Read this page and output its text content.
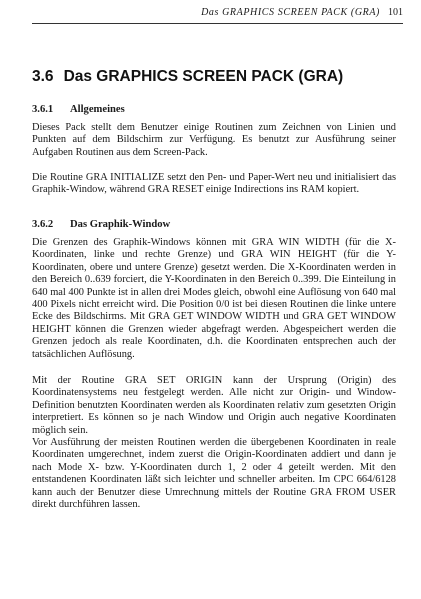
Das GRAPHICS SCREEN PACK (GRA) 101
3.6 Das GRAPHICS SCREEN PACK (GRA)
3.6.1 Allgemeines

Dieses Pack stellt dem Benutzer einige Routinen zum Zeichnen von Linien und Punkten auf dem Bildschirm zur Verfügung. Es benutzt zur Ausführung seiner Aufgaben Routinen aus dem Screen-Pack.

Die Routine GRA INITIALIZE setzt den Pen- und Paper-Wert neu und initialisiert das Graphik-Window, während GRA RESET einige Indirections ins RAM kopiert.

3.6.2 Das Graphik-Window

Die Grenzen des Graphik-Windows können mit GRA WIN WIDTH (für die X-Koordinaten, linke und rechte Grenze) und GRA WIN HEIGHT (für die Y-Koordinaten, obere und untere Grenze) gesetzt werden. Die X-Koordinaten werden in den Bereich 0..639 forciert, die Y-Koordinaten in den Bereich 0..399. Die Einteilung in 640 mal 400 Punkte ist in allen drei Modes gleich, obwohl eine Auflösung von 640 mal 400 Pixels nicht erreicht wird. Die Position 0/0 ist bei diesen Routinen die linke untere Ecke des Bildschirms. Mit GRA GET WINDOW WIDTH und GRA GET WINDOW HEIGHT können die Grenzen wieder abgefragt werden. Abgespeichert werden die Grenzen jedoch als reale Koordinaten, d.h. die Koordinaten entsprechen auch der tatsächlichen Auflösung.

Mit der Routine GRA SET ORIGIN kann der Ursprung (Origin) des Koordinatensystems neu festgelegt werden. Alle nicht zur Origin- und Window-Definition benutzten Koordinaten werden als Koordinaten relativ zum gesetzten Origin interpretiert. Es können so je nach Window und Origin auch negative Koordinaten möglich sein.

Vor Ausführung der meisten Routinen werden die übergebenen Koordinaten in reale Koordinaten umgerechnet, indem zuerst die Origin-Koordinaten addiert und dann je nach Mode X- bzw. Y-Koordinaten durch 1, 2 oder 4 geteilt werden. Mit den entstandenen Koordinaten läßt sich leichter und schneller arbeiten. Im CPC 664/6128 kann auch der Benutzer diese Umrechnung mittels der Routine GRA FROM USER direkt durchführen lassen.
